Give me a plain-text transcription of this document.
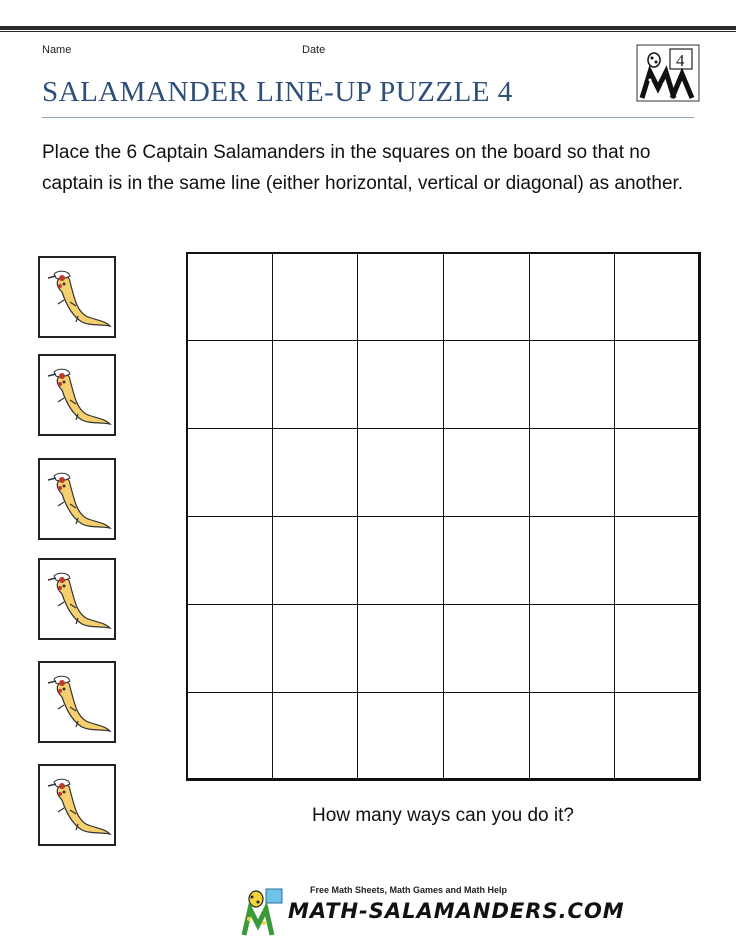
Name	Date
SALAMANDER LINE-UP PUZZLE 4
4

Place the 6 Captain Salamanders in the squares on the board so that no captain is in the same line (either horizontal, vertical or diagonal) as another.

How many ways can you do it?

Free Math Sheets, Math Games and Math Help
MATH-SALAMANDERS.COM
